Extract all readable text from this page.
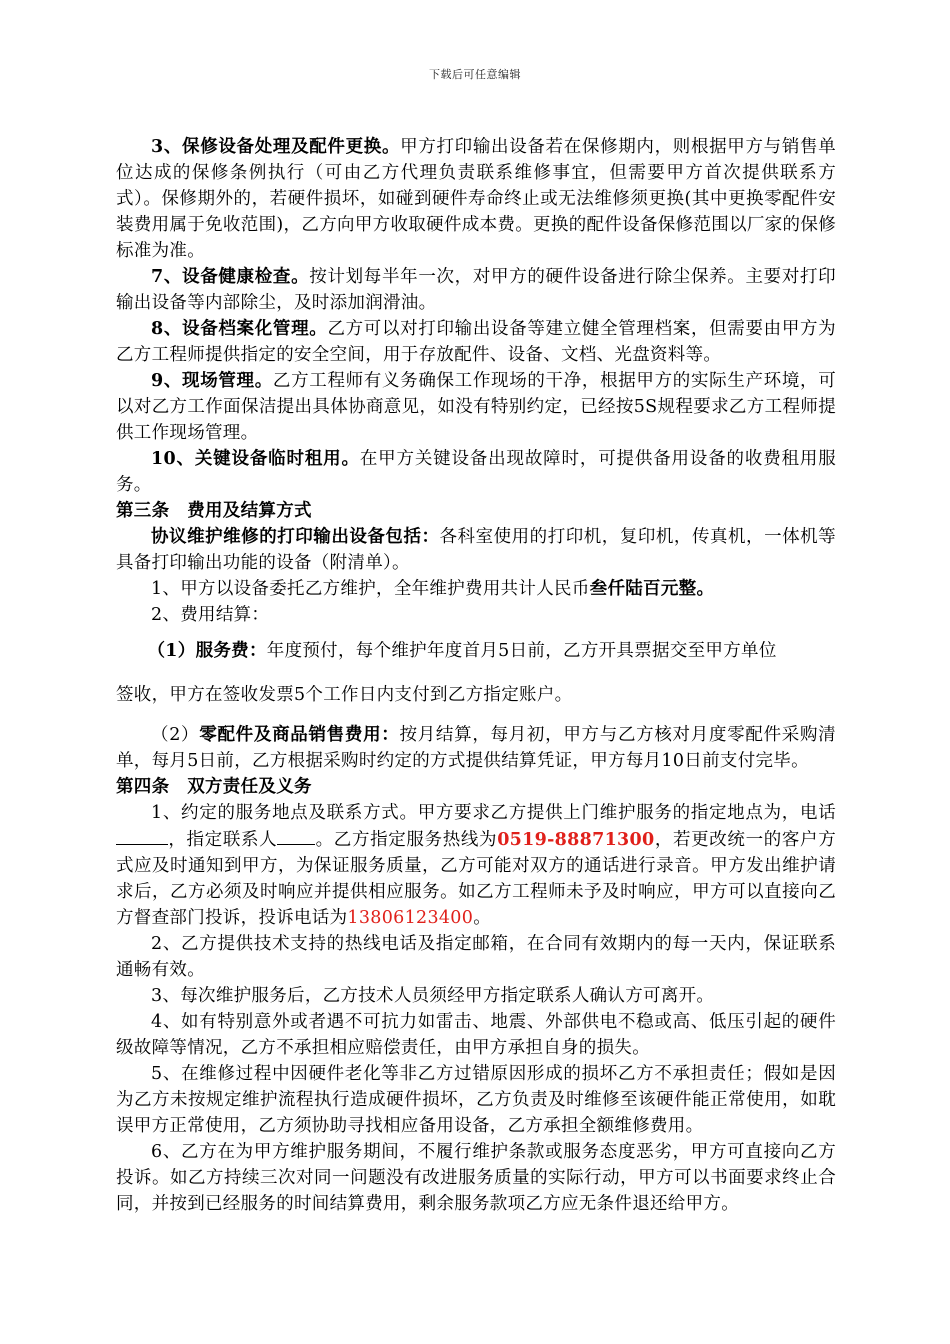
下载后可任意编辑

3、保修设备处理及配件更换。甲方打印输出设备若在保修期内，则根据甲方与销售单位达成的保修条例执行（可由乙方代理负责联系维修事宜，但需要甲方首次提供联系方式）。保修期外的，若硬件损坏，如碰到硬件寿命终止或无法维修须更换(其中更换零配件安装费用属于免收范围)，乙方向甲方收取硬件成本费。更换的配件设备保修范围以厂家的保修标准为准。

7、设备健康检查。按计划每半年一次，对甲方的硬件设备进行除尘保养。主要对打印输出设备等内部除尘，及时添加润滑油。

8、设备档案化管理。乙方可以对打印输出设备等建立健全管理档案，但需要由甲方为乙方工程师提供指定的安全空间，用于存放配件、设备、文档、光盘资料等。

9、现场管理。乙方工程师有义务确保工作现场的干净，根据甲方的实际生产环境，可以对乙方工作面保洁提出具体协商意见，如没有特别约定，已经按5S规程要求乙方工程师提供工作现场管理。

10、关键设备临时租用。在甲方关键设备出现故障时，可提供备用设备的收费租用服务。

第三条　费用及结算方式

协议维护维修的打印输出设备包括：各科室使用的打印机，复印机，传真机，一体机等具备打印输出功能的设备（附清单）。

1、甲方以设备委托乙方维护，全年维护费用共计人民币叁仟陆百元整。

2、费用结算：

（1）服务费：年度预付，每个维护年度首月5日前，乙方开具票据交至甲方单位

签收，甲方在签收发票5个工作日内支付到乙方指定账户。

（2）零配件及商品销售费用：按月结算，每月初，甲方与乙方核对月度零配件采购清单，每月5日前，乙方根据采购时约定的方式提供结算凭证，甲方每月10日前支付完毕。

第四条　双方责任及义务

1、约定的服务地点及联系方式。甲方要求乙方提供上门维护服务的指定地点为，电话，指定联系人 。乙方指定服务热线为0519-88871300，若更改统一的客户方式应及时通知到甲方，为保证服务质量，乙方可能对双方的通话进行录音。甲方发出维护请求后，乙方必须及时响应并提供相应服务。如乙方工程师未予及时响应，甲方可以直接向乙方督查部门投诉，投诉电话为13806123400。

2、乙方提供技术支持的热线电话及指定邮箱，在合同有效期内的每一天内，保证联系通畅有效。

3、每次维护服务后，乙方技术人员须经甲方指定联系人确认方可离开。

4、如有特别意外或者遇不可抗力如雷击、地震、外部供电不稳或高、低压引起的硬件级故障等情况，乙方不承担相应赔偿责任，由甲方承担自身的损失。

5、在维修过程中因硬件老化等非乙方过错原因形成的损坏乙方不承担责任；假如是因为乙方未按规定维护流程执行造成硬件损坏，乙方负责及时维修至该硬件能正常使用，如耽误甲方正常使用，乙方须协助寻找相应备用设备，乙方承担全额维修费用。

6、乙方在为甲方维护服务期间，不履行维护条款或服务态度恶劣，甲方可直接向乙方投诉。如乙方持续三次对同一问题没有改进服务质量的实际行动，甲方可以书面要求终止合同，并按到已经服务的时间结算费用，剩余服务款项乙方应无条件退还给甲方。
